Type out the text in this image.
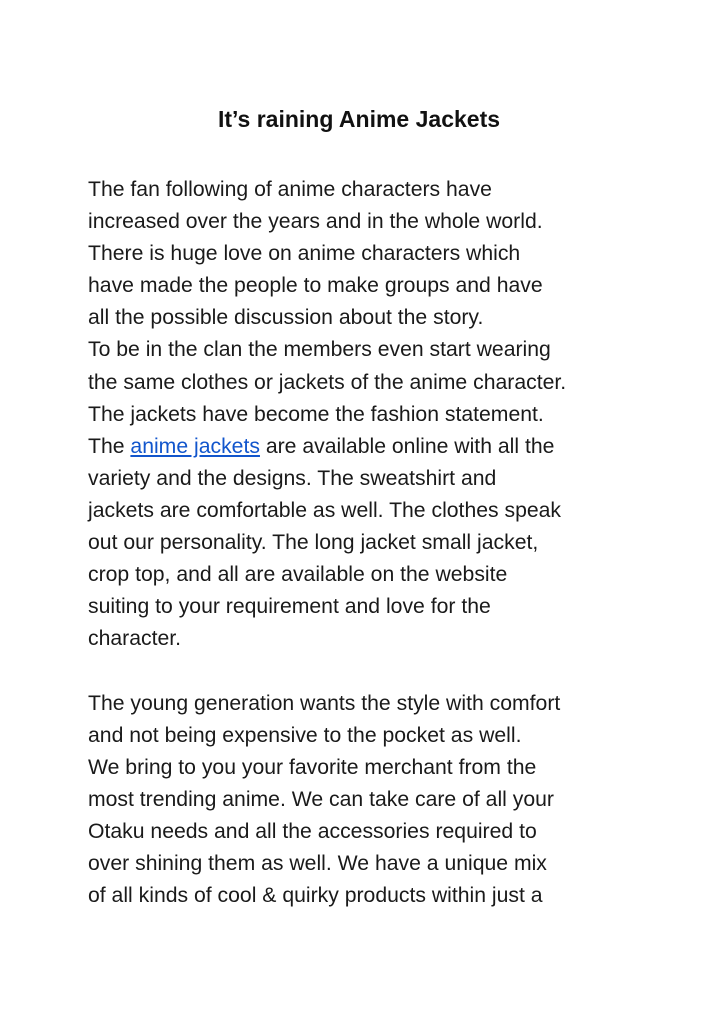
It’s raining Anime Jackets
The fan following of anime characters have
increased over the years and in the whole world.
There is huge love on anime characters which
have made the people to make groups and have
all the possible discussion about the story.
To be in the clan the members even start wearing
the same clothes or jackets of the anime character.
The jackets have become the fashion statement.
The anime jackets are available online with all the
variety and the designs. The sweatshirt and
jackets are comfortable as well. The clothes speak
out our personality. The long jacket small jacket,
crop top, and all are available on the website
suiting to your requirement and love for the
character.
The young generation wants the style with comfort
and not being expensive to the pocket as well.
We bring to you your favorite merchant from the
most trending anime. We can take care of all your
Otaku needs and all the accessories required to
over shining them as well. We have a unique mix
of all kinds of cool & quirky products within just a
